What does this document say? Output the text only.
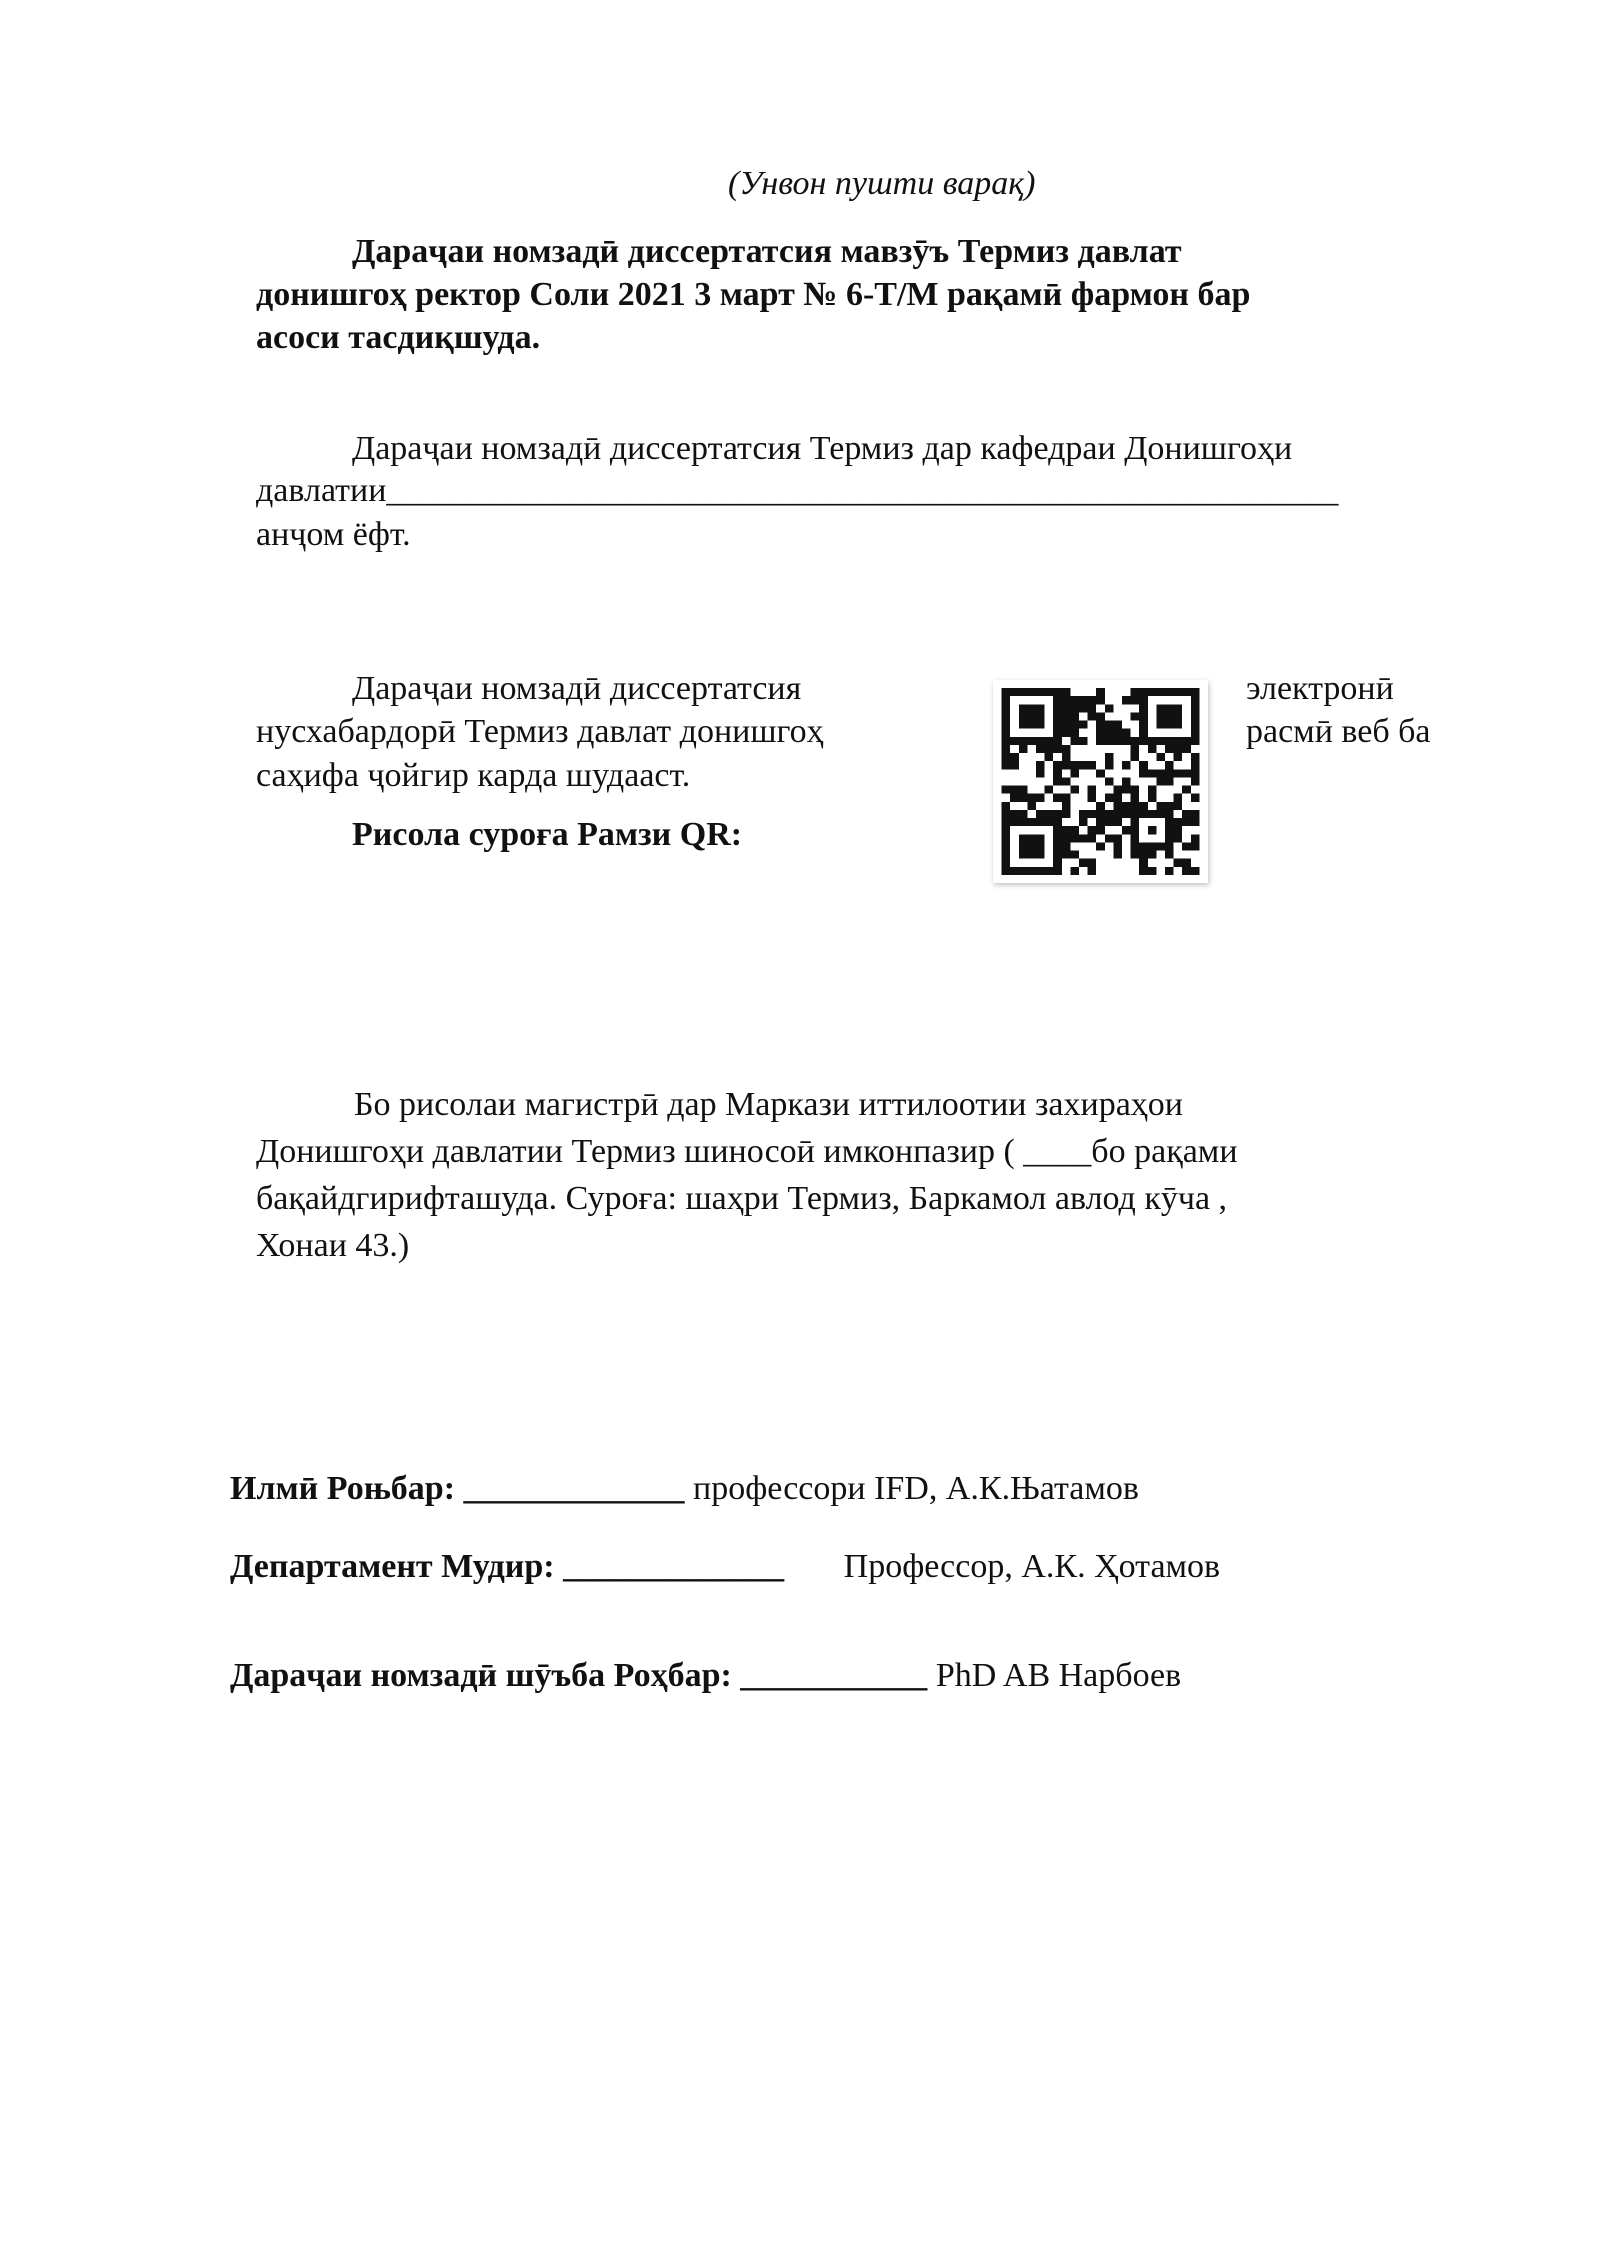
(Унвон пушти варақ)
Дараҷаи номзадӣ диссертатсия мавзӯъ Термиз давлат
донишгоҳ ректор Соли 2021 3 март № 6-Т/М рақамӣ фармон бар
асоси тасдиқшуда.
Дараҷаи номзадӣ диссертатсия Термиз дар кафедраи Донишгоҳи
давлатии________________________________________________________
анҷом ёфт.
Дараҷаи номзадӣ диссертатсия
нусхабардорӣ Термиз давлат донишгоҳ
саҳифа ҷойгир карда шудааст.
Рисола суроға Рамзи QR:
электронӣ
расмӣ веб ба
Бо рисолаи магистрӣ дар Маркази иттилоотии захираҳои
Донишгоҳи давлатии Термиз шиносоӣ имконпазир ( ____бо рақами
бақайдгирифташуда. Суроға: шаҳри Термиз, Баркамол авлод кӯча ,
Хонаи 43.)
Илмӣ Роњбар: _____________ профессори IFD, А.К.Њатамов
Департамент Мудир: _____________       Профессор, А.К. Ҳотамов
Дараҷаи номзадӣ шӯъба Роҳбар: ___________ PhD AB Нарбоев
